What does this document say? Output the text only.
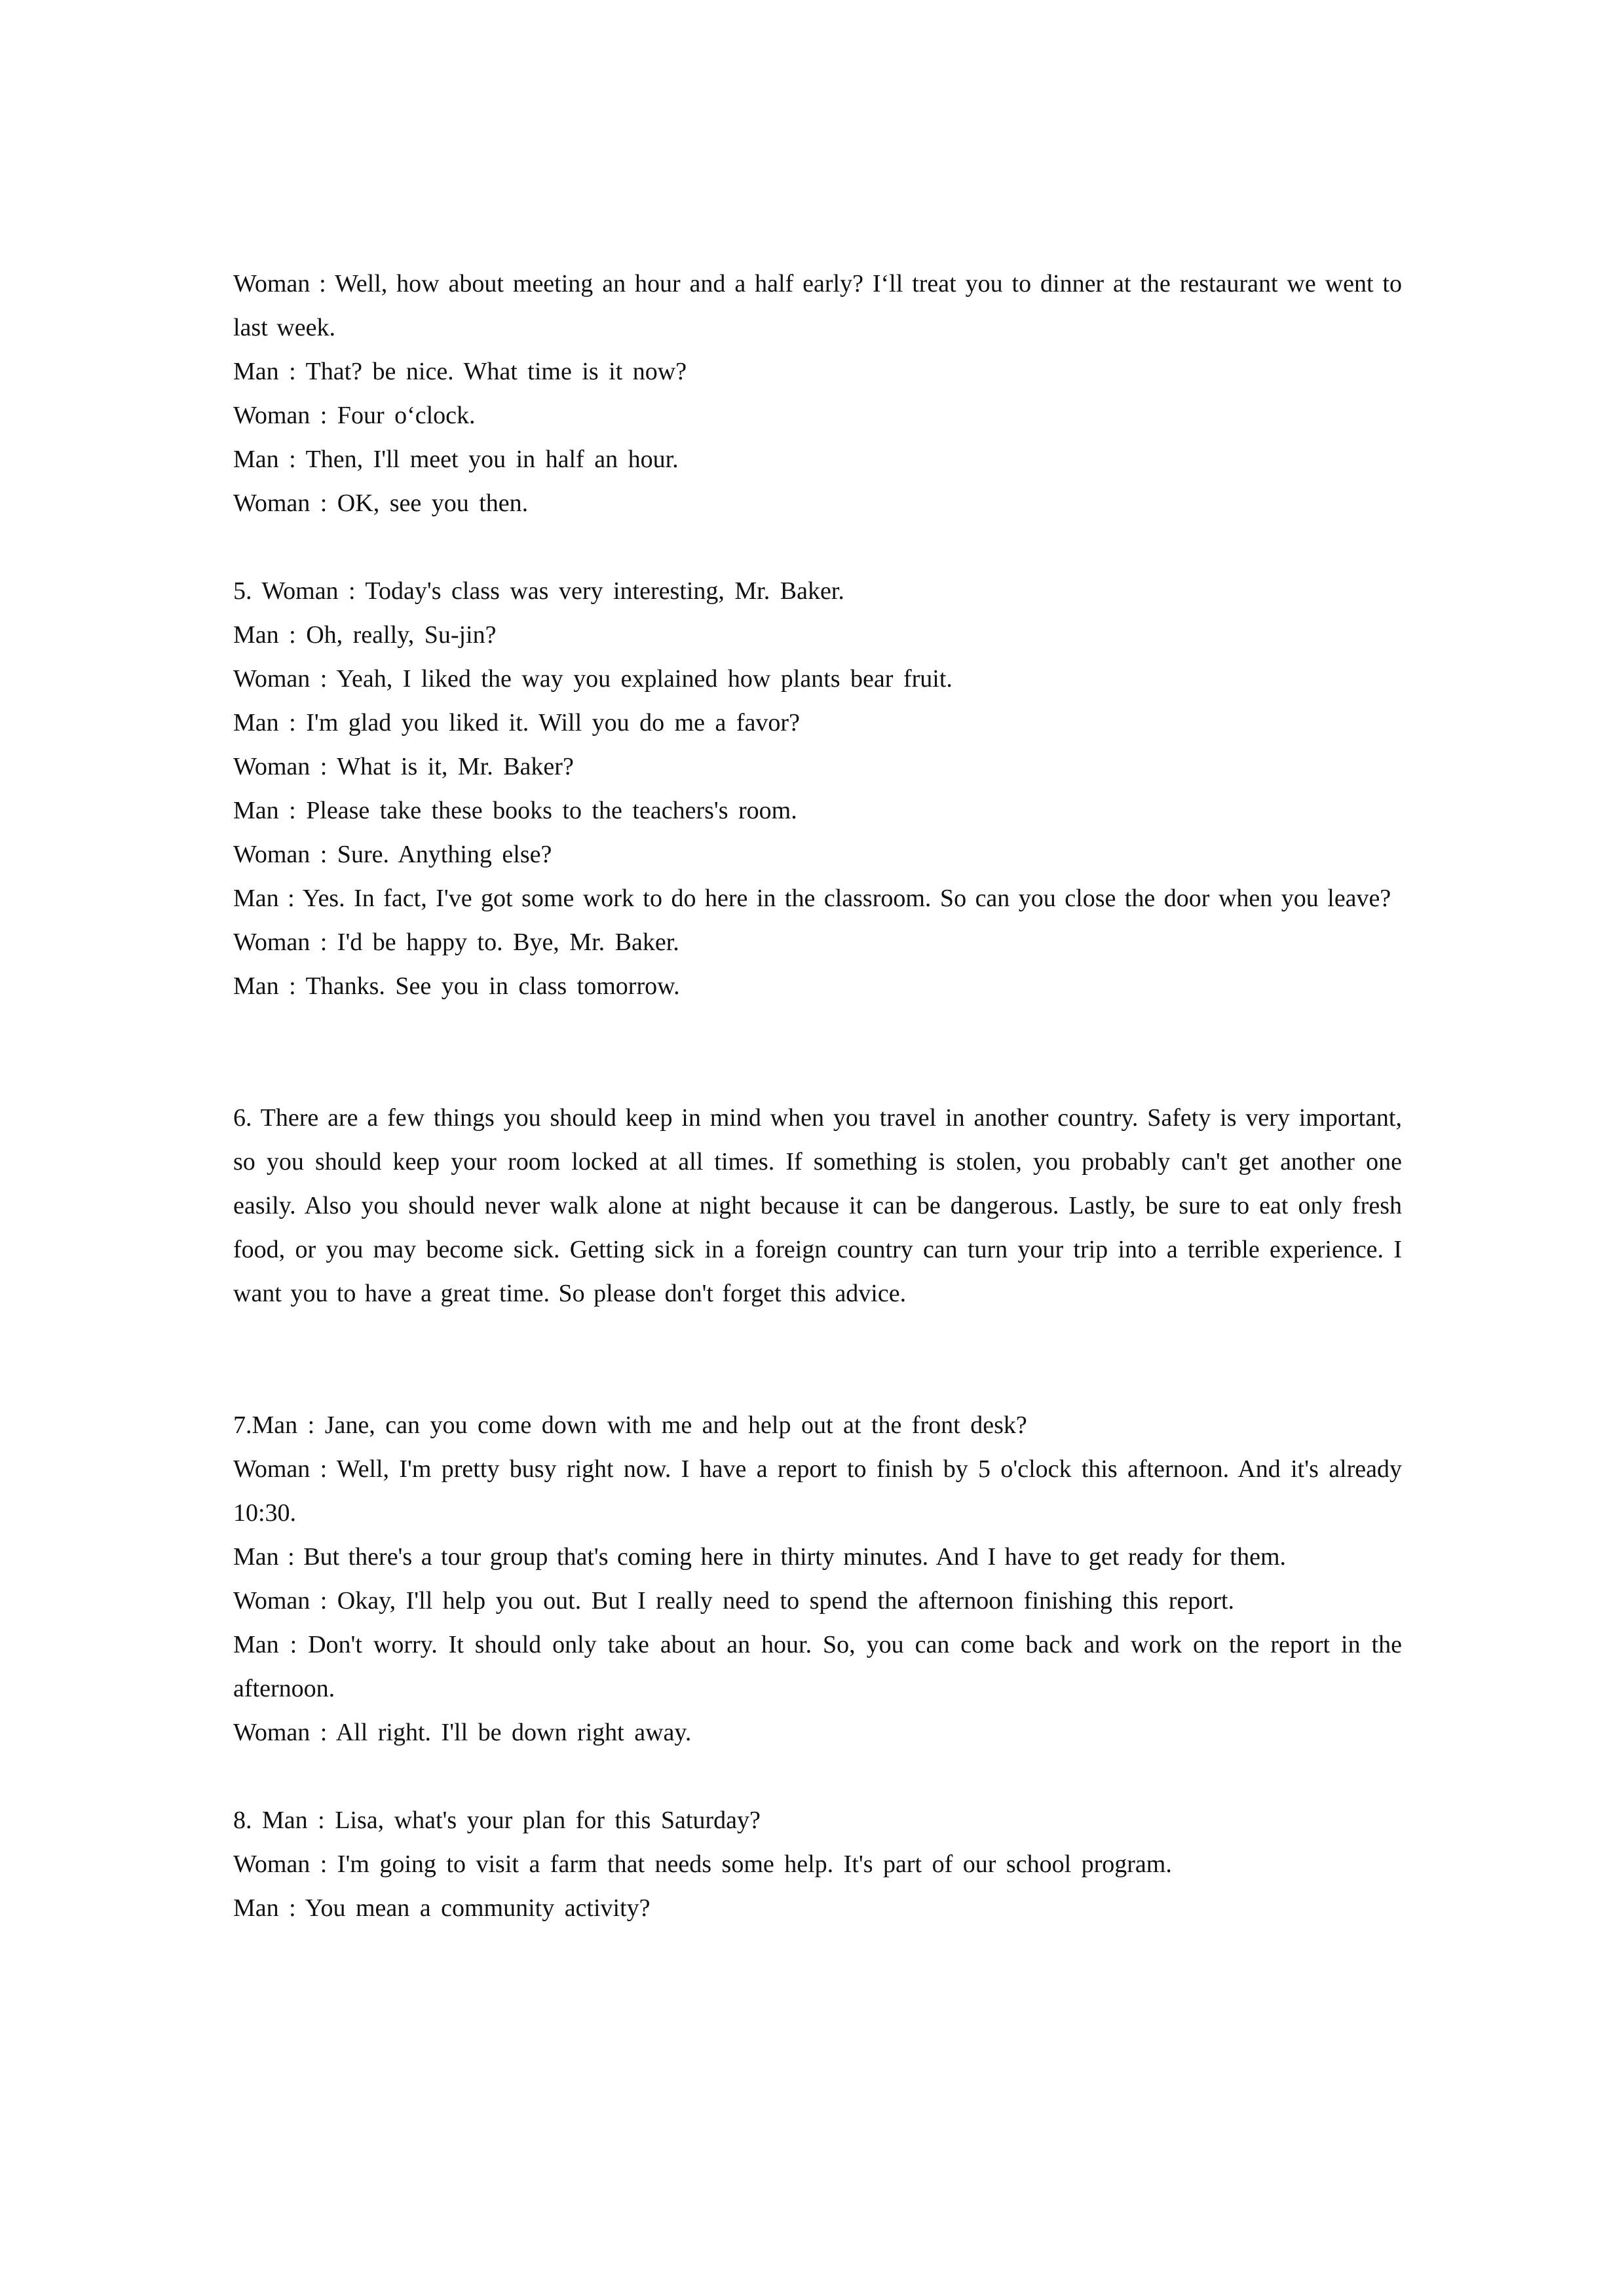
Woman : Well, how about meeting an hour and a half early? I‘ll treat you to dinner at the restaurant we went to last week.
Man : That? be nice. What time is it now?
Woman : Four o‘clock.
Man : Then, I'll meet you in half an hour.
Woman : OK, see you then.
5. Woman : Today's class was very interesting, Mr. Baker.
Man : Oh, really, Su-jin?
Woman : Yeah, I liked the way you explained how plants bear fruit.
Man : I'm glad you liked it. Will you do me a favor?
Woman : What is it, Mr. Baker?
Man : Please take these books to the teachers's room.
Woman : Sure. Anything else?
Man : Yes. In fact, I've got some work to do here in the classroom. So can you close the door when you leave?
Woman : I'd be happy to. Bye, Mr. Baker.
Man : Thanks. See you in class tomorrow.
6. There are a few things you should keep in mind when you travel in another country. Safety is very important, so you should keep your room locked at all times. If something is stolen, you probably can't get another one easily. Also you should never walk alone at night because it can be dangerous. Lastly, be sure to eat only fresh food, or you may become sick. Getting sick in a foreign country can turn your trip into a terrible experience. I want you to have a great time. So please don't forget this advice.
7.Man : Jane, can you come down with me and help out at the front desk?
Woman : Well, I'm pretty busy right now. I have a report to finish by 5 o'clock this afternoon. And it's already 10:30.
Man : But there's a tour group that's coming here in thirty minutes. And I have to get ready for them.
Woman : Okay, I'll help you out. But I really need to spend the afternoon finishing this report.
Man : Don't worry. It should only take about an hour. So, you can come back and work on the report in the afternoon.
Woman : All right. I'll be down right away.
8. Man : Lisa, what's your plan for this Saturday?
Woman : I'm going to visit a farm that needs some help. It's part of our school program.
Man : You mean a community activity?
